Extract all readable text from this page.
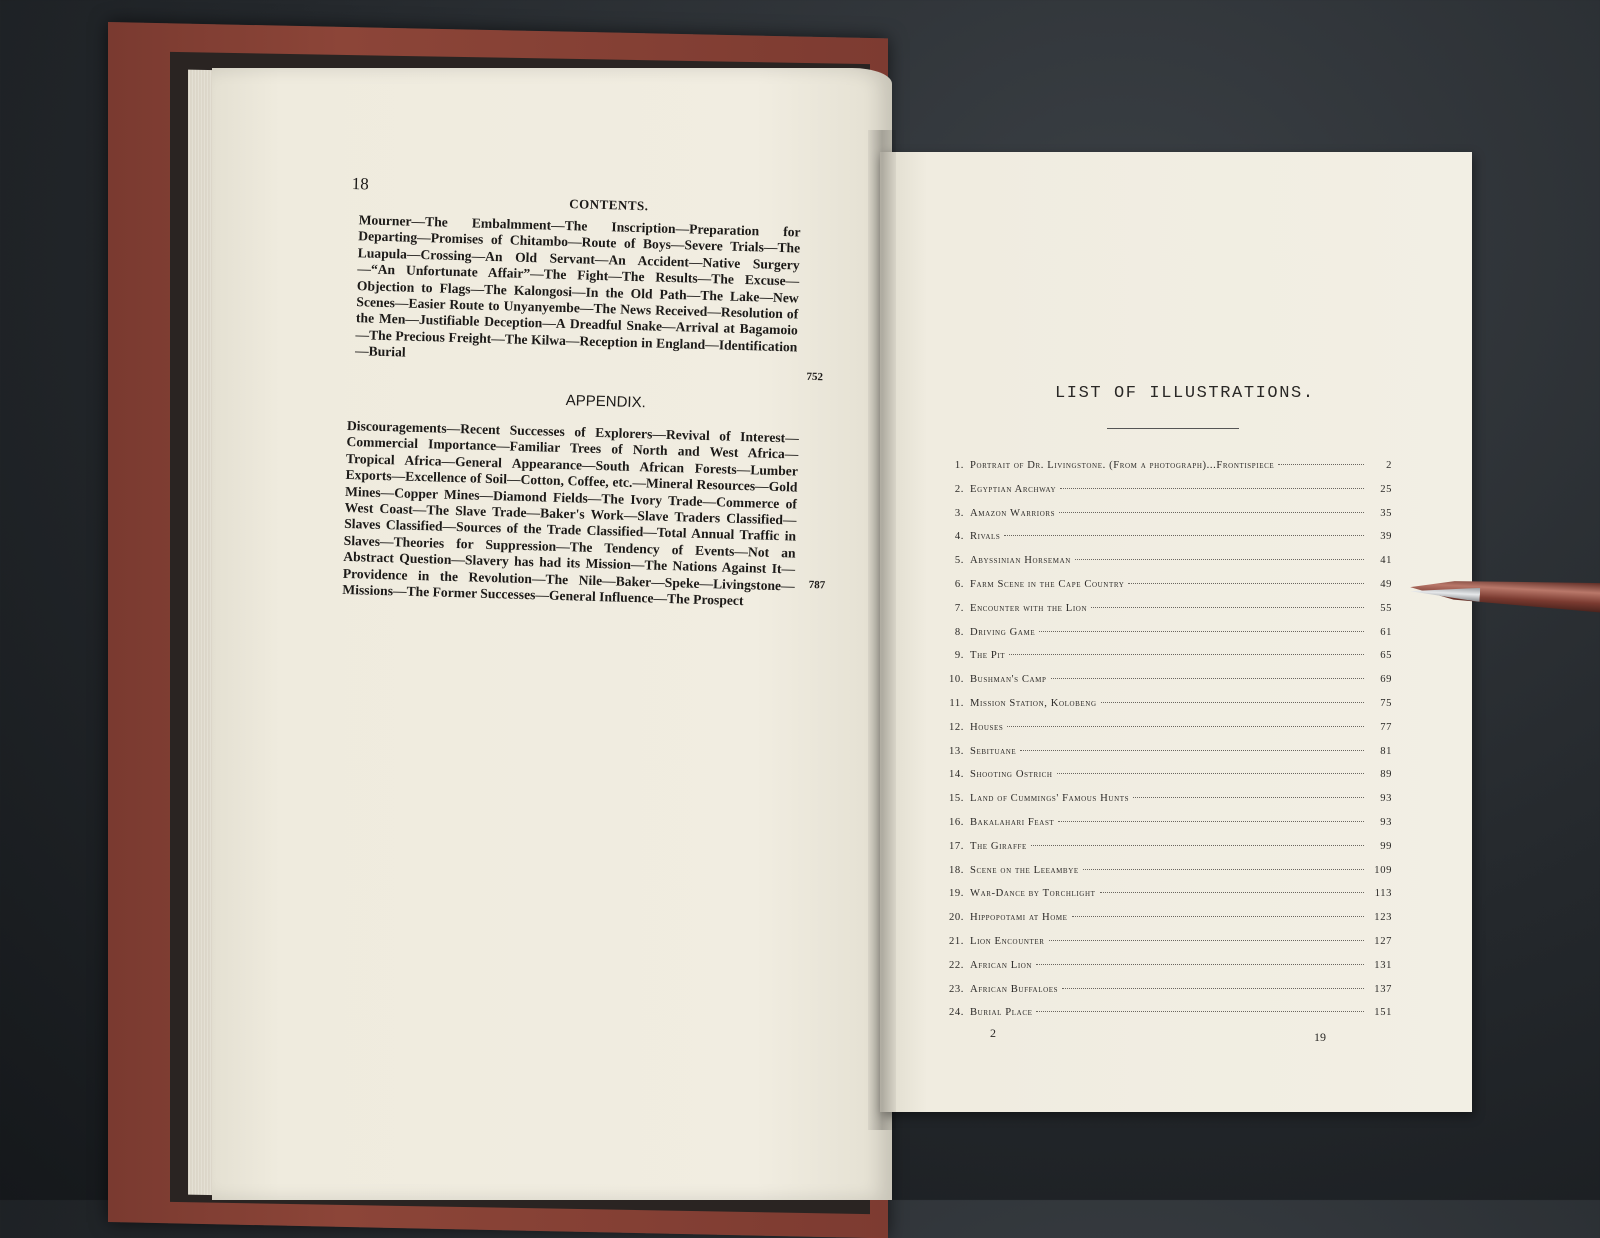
18
CONTENTS.
Mourner—The Embalmment—The Inscription—Preparation for Departing—Promises of Chitambo—Route of Boys—Severe Trials—The Luapula—Crossing—An Old Servant—An Accident—Native Surgery—“An Unfortunate Affair”—The Fight—The Results—The Excuse—Objection to Flags—The Kalongosi—In the Old Path—The Lake—New Scenes—Easier Route to Unyanyembe—The News Received—Resolution of the Men—Justifiable Deception—A Dreadful Snake—Arrival at Bagamoio—The Precious Freight—The Kilwa—Reception in England—Identification—Burial
752
APPENDIX.
Discouragements—Recent Successes of Explorers—Revival of Interest—Commercial Importance—Familiar Trees of North and West Africa—Tropical Africa—General Appearance—South African Forests—Lumber Exports—Excellence of Soil—Cotton, Coffee, etc.—Mineral Resources—Gold Mines—Copper Mines—Diamond Fields—The Ivory Trade—Commerce of West Coast—The Slave Trade—Baker's Work—Slave Traders Classified—Slaves Classified—Sources of the Trade Classified—Total Annual Traffic in Slaves—Theories for Suppression—The Tendency of Events—Not an Abstract Question—Slavery has had its Mission—The Nations Against It—Providence in the Revolution—The Nile—Baker—Speke—Livingstone—Missions—The Former Successes—General Influence—The Prospect	787
LIST OF ILLUSTRATIONS.
1. Portrait of Dr. Livingstone. (From a photograph)...Frontispiece	2
2. Egyptian Archway	25
3. Amazon Warriors	35
4. Rivals	39
5. Abyssinian Horseman	41
6. Farm Scene in the Cape Country	49
7. Encounter with the Lion	55
8. Driving Game	61
9. The Pit	65
10. Bushman's Camp	69
11. Mission Station, Kolobeng	75
12. Houses	77
13. Sebituane	81
14. Shooting Ostrich	89
15. Land of Cummings' Famous Hunts	93
16. Bakalahari Feast	93
17. The Giraffe	99
18. Scene on the Leeambye	109
19. War-Dance by Torchlight	113
20. Hippopotami at Home	123
21. Lion Encounter	127
22. African Lion	131
23. African Buffaloes	137
24. Burial Place	151
2	19
